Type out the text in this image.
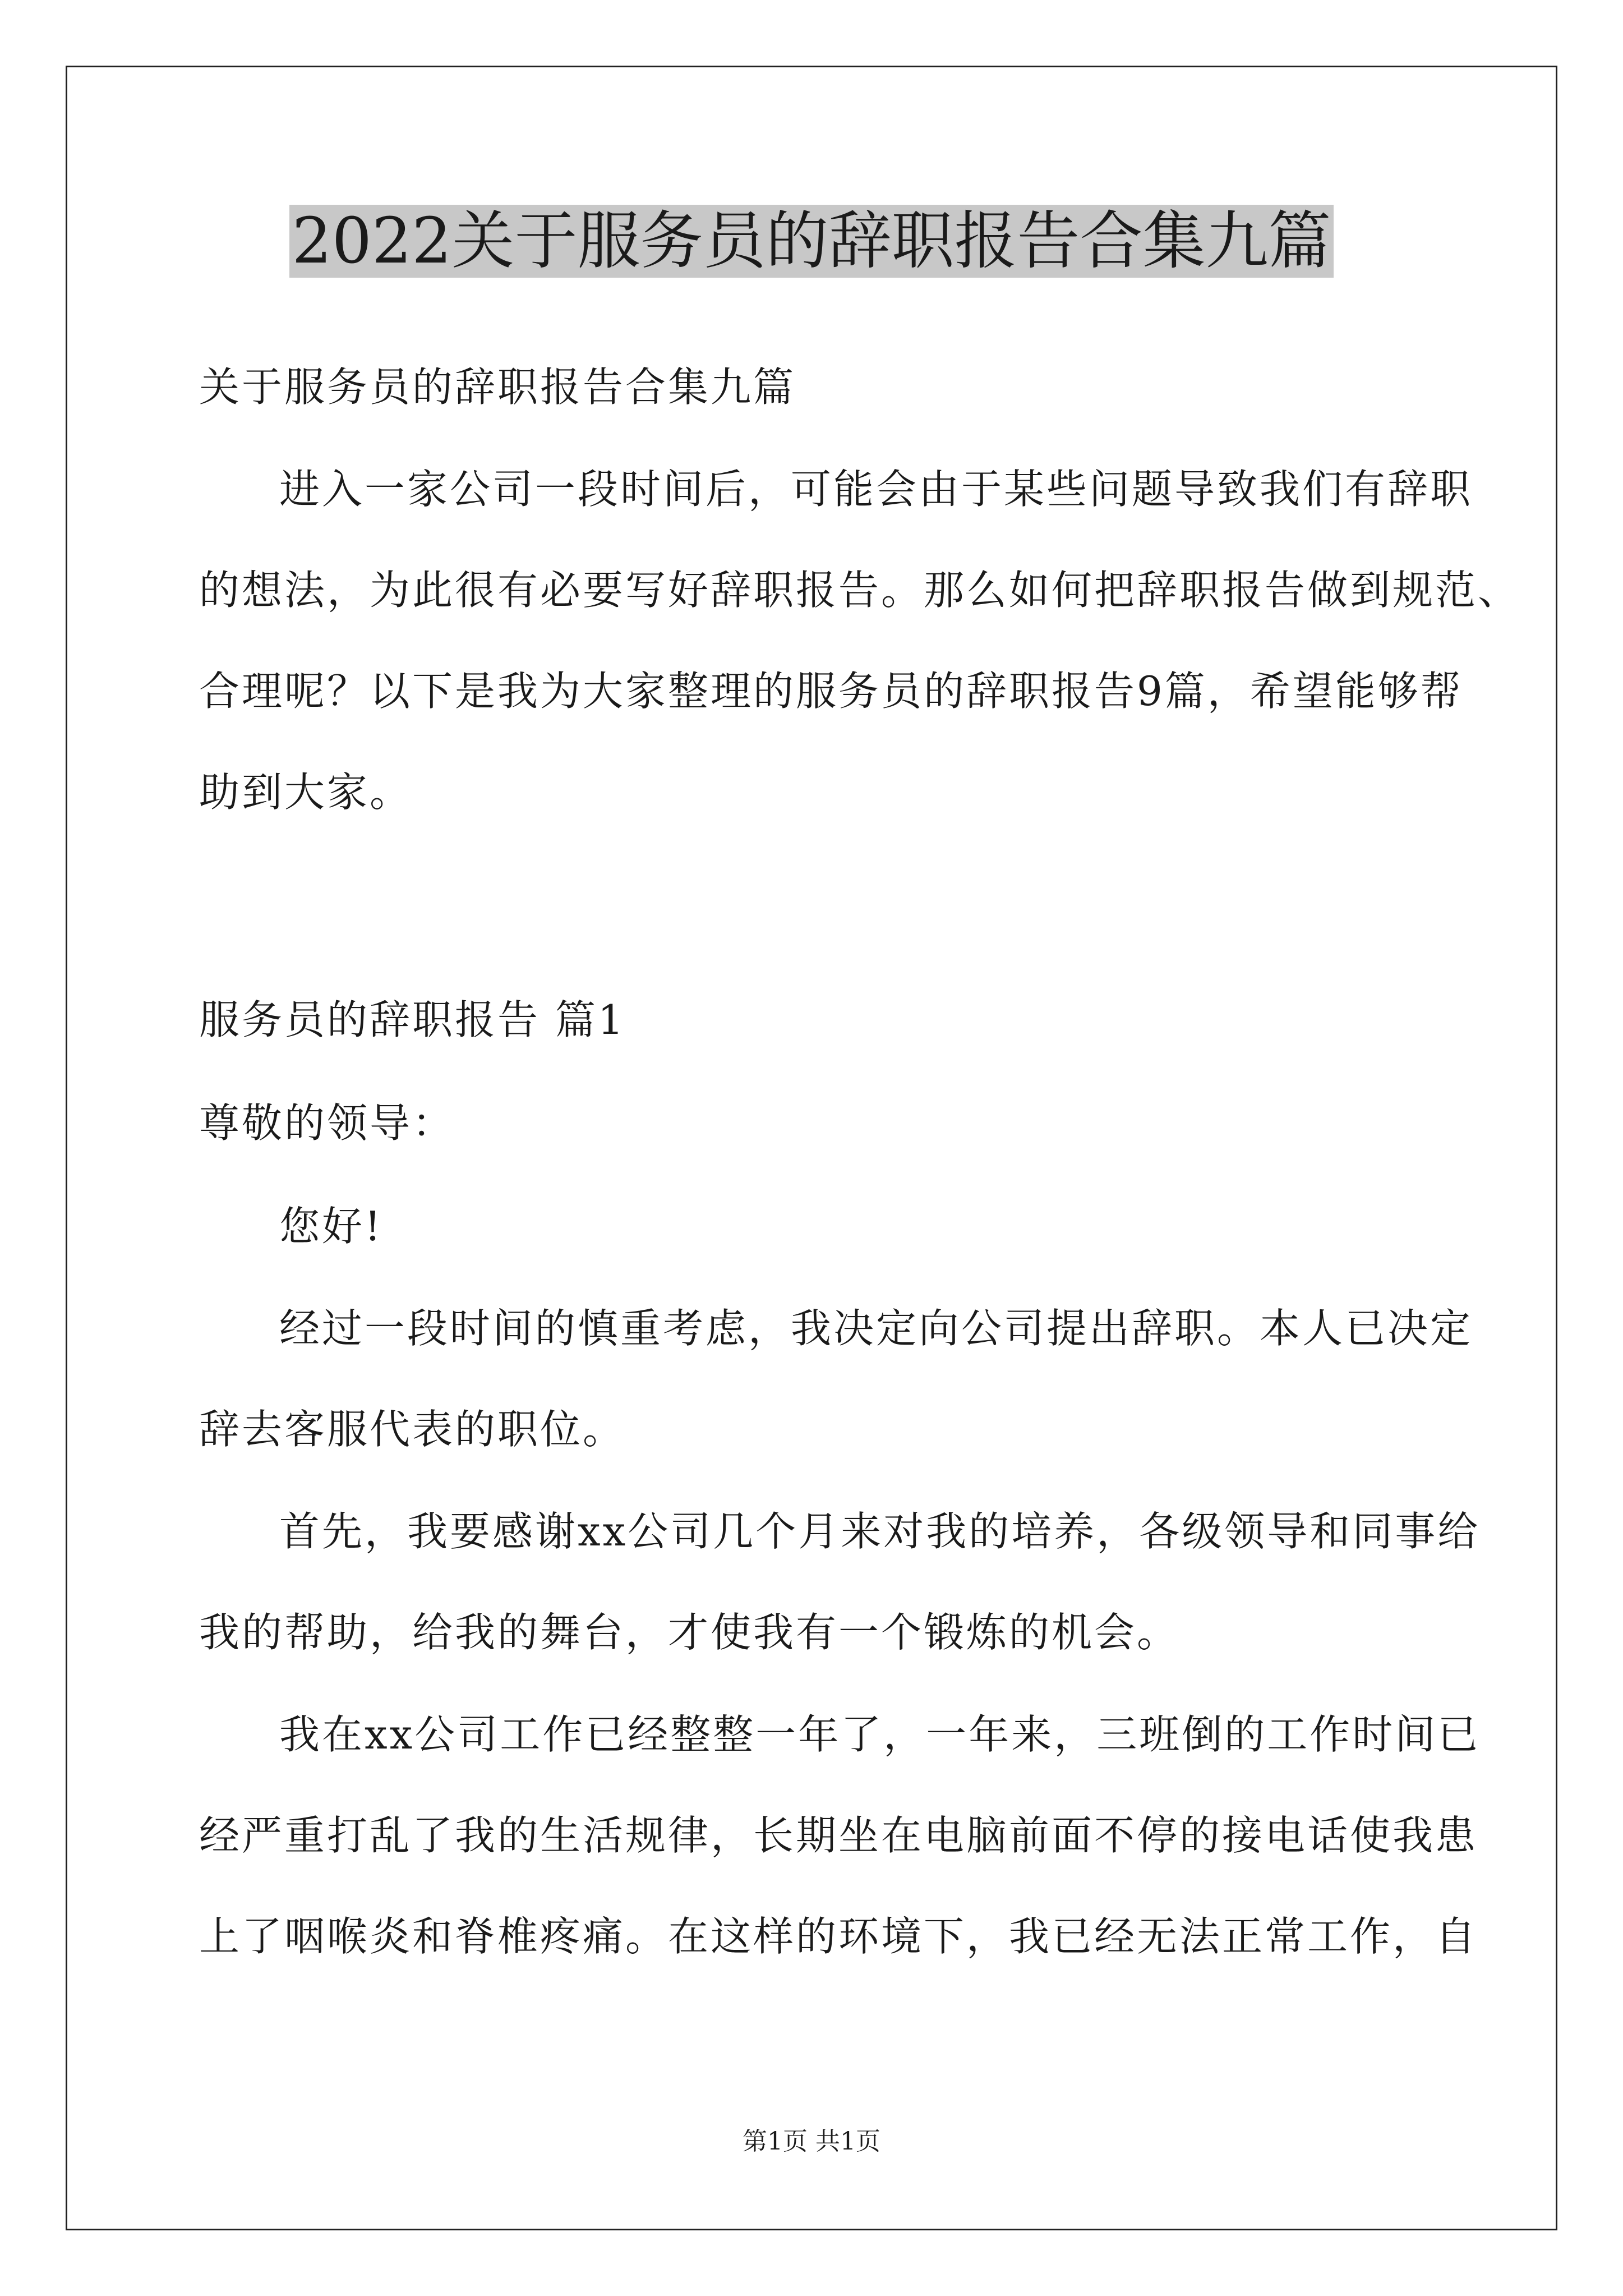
2022关于服务员的辞职报告合集九篇
关于服务员的辞职报告合集九篇
进入一家公司一段时间后，可能会由于某些问题导致我们有辞职
的想法，为此很有必要写好辞职报告。那么如何把辞职报告做到规范、
合理呢？以下是我为大家整理的服务员的辞职报告9篇，希望能够帮
助到大家。
服务员的辞职报告 篇1
尊敬的领导：
您好!
经过一段时间的慎重考虑，我决定向公司提出辞职。本人已决定
辞去客服代表的职位。
首先，我要感谢xx公司几个月来对我的培养，各级领导和同事给
我的帮助，给我的舞台，才使我有一个锻炼的机会。
我在xx公司工作已经整整一年了，一年来，三班倒的工作时间已
经严重打乱了我的生活规律，长期坐在电脑前面不停的接电话使我患
上了咽喉炎和脊椎疼痛。在这样的环境下，我已经无法正常工作，自
第1页 共1页
